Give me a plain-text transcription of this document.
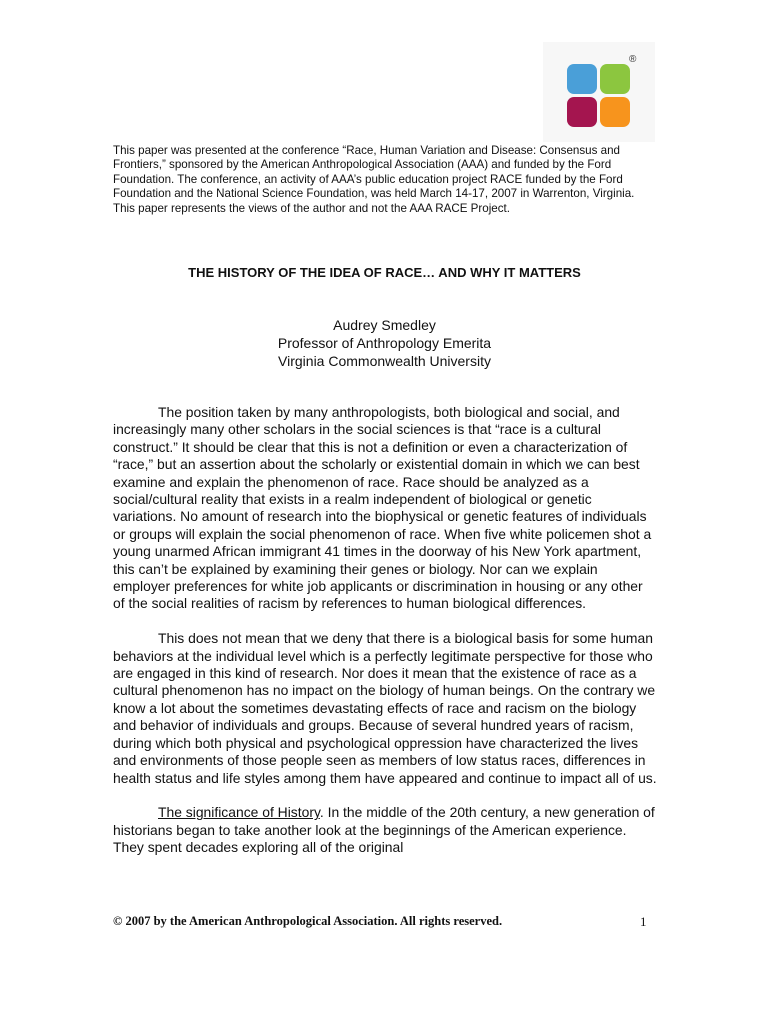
®

This paper was presented at the conference “Race, Human Variation and Disease: Consensus and Frontiers,” sponsored by the American Anthropological Association (AAA) and funded by the Ford Foundation. The conference, an activity of AAA’s public education project RACE funded by the Ford Foundation and the National Science Foundation, was held March 14-17, 2007 in Warrenton, Virginia. This paper represents the views of the author and not the AAA RACE Project.

THE HISTORY OF THE IDEA OF RACE… AND WHY IT MATTERS
Audrey Smedley
Professor of Anthropology Emerita
Virginia Commonwealth University

The position taken by many anthropologists, both biological and social, and increasingly many other scholars in the social sciences is that “race is a cultural construct.” It should be clear that this is not a definition or even a characterization of “race,” but an assertion about the scholarly or existential domain in which we can best examine and explain the phenomenon of race. Race should be analyzed as a social/cultural reality that exists in a realm independent of biological or genetic variations. No amount of research into the biophysical or genetic features of individuals or groups will explain the social phenomenon of race. When five white policemen shot a young unarmed African immigrant 41 times in the doorway of his New York apartment, this can’t be explained by examining their genes or biology. Nor can we explain employer preferences for white job applicants or discrimination in housing or any other of the social realities of racism by references to human biological differences.

This does not mean that we deny that there is a biological basis for some human behaviors at the individual level which is a perfectly legitimate perspective for those who are engaged in this kind of research. Nor does it mean that the existence of race as a cultural phenomenon has no impact on the biology of human beings. On the contrary we know a lot about the sometimes devastating effects of race and racism on the biology and behavior of individuals and groups. Because of several hundred years of racism, during which both physical and psychological oppression have characterized the lives and environments of those people seen as members of low status races, differences in health status and life styles among them have appeared and continue to impact all of us.

The significance of History. In the middle of the 20th century, a new generation of historians began to take another look at the beginnings of the American experience. They spent decades exploring all of the original

© 2007 by the American Anthropological Association. All rights reserved.	1
